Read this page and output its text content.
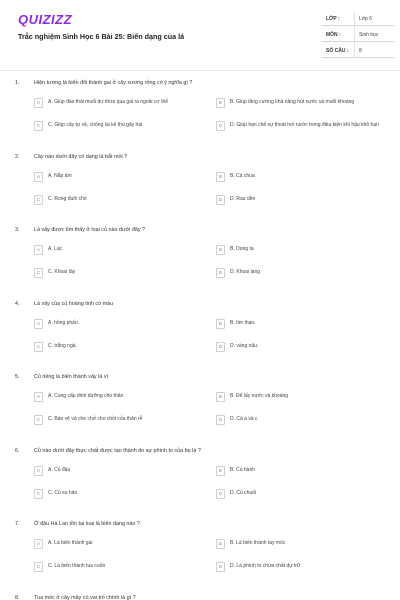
QUIZIZZ
Trắc nghiệm Sinh Học 6 Bài 25: Biến dạng của lá
LỚP :	Lớp 6
MÔN :	Sinh học
SỐ CÂU : 8
1.	Hiện tượng lá biến đổi thành gai ở cây xương rồng có ý nghĩa gì ?
A	A. Giúp đào thải muối dư thừa qua gai ra ngoài cơ thể	B	B. Giúp tăng cường khả năng hút nước và muối khoáng
C	C. Giúp cây tự vệ, chống lại kẻ thù gây hại	D	D. Giúp hạn chế sự thoát hơi nước trong điều kiện khí hậu khô hạn
2.	Cây nào dưới đây có dạng lá bắt mồi ?
A	A. Nắp ấm	B	B. Cà chua
C	C. Rong đuôi chó	D	D. Rau dền
3.	Lá vảy được tìm thấy ở loại củ nào dưới đây ?
A	A. Lạc	B	B. Dong ta
C	C. Khoai tây	D	D. Khoai lang
4.	Lá vảy của củ hoàng tinh có màu
A	A. hồng phấn.	B	B. tím than.
C	C. trắng ngà.	D	D. vàng nâu.
5.	Củ riềng là biến thành vẩy lá vì
A	A. Cung cấp dinh dưỡng cho thân	B	B. Để lấy nước và khoáng
C	C. Bảo vệ và che chở cho chồi của thân rễ	D	D. Cả a và c
6.	Củ nào dưới đây thực chất được tạo thành do sự phình to của bẹ lá ?
A	A. Củ đậu	B	B. Củ hành
C	C. Củ su hào	D	D. Củ chuối
7.	Ở đậu Hà Lan tồn tại loại lá biến dạng nào ?
A	A. Lá biến thành gai	B	B. Lá biến thành tay móc
C	C. Lá biến thành tua cuốn	D	D. Lá phình to chứa chất dự trữ
8.	Tua móc ở cây mây có vai trò chính là gì ?
